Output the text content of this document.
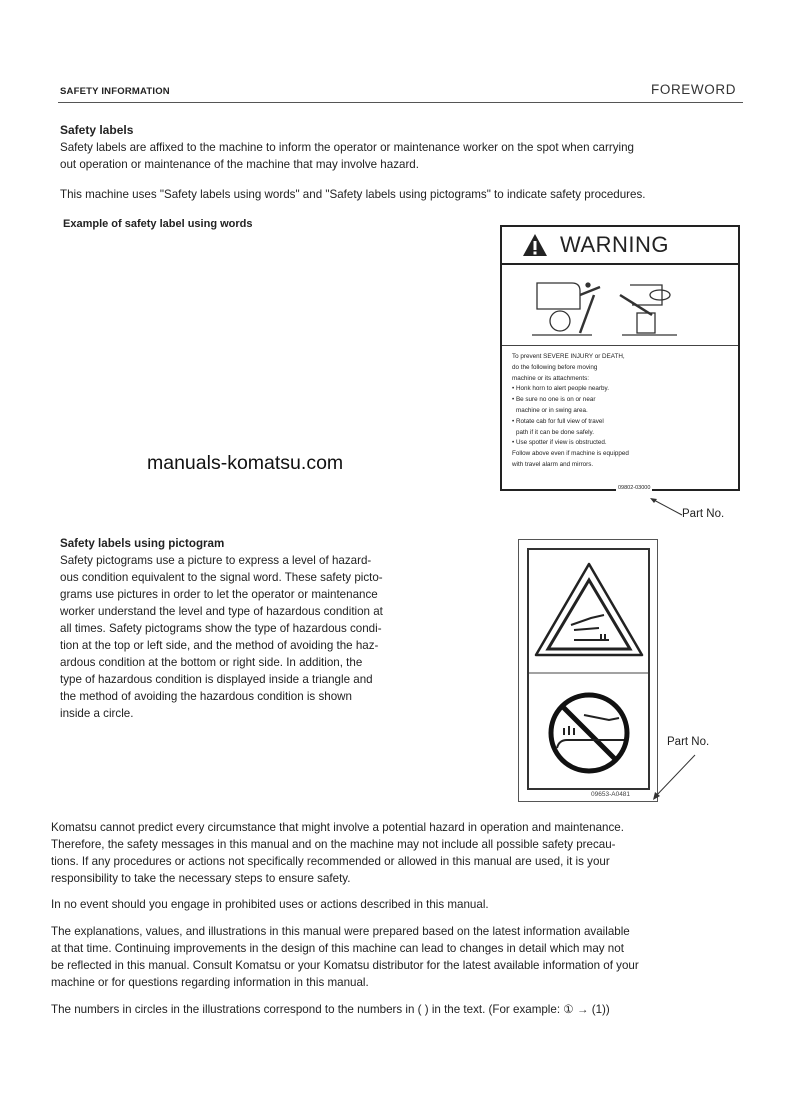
SAFETY INFORMATION	FOREWORD
Safety labels
Safety labels are affixed to the machine to inform the operator or maintenance worker on the spot when carrying
out operation or maintenance of the machine that may involve hazard.
This machine uses "Safety labels using words" and "Safety labels using pictograms" to indicate safety procedures.
Example of safety label using words
WARNING
To prevent SEVERE INJURY or DEATH,
do the following before moving
machine or its attachments:
• Honk horn to alert people nearby.
• Be sure no one is on or near
machine or in swing area.
• Rotate cab for full view of travel
path if it can be done safely.
• Use spotter if view is obstructed.
Follow above even if machine is equipped
with travel alarm and mirrors.
09802-03000
Part No.
manuals-komatsu.com
Safety labels using pictogram
Safety pictograms use a picture to express a level of hazard-
ous condition equivalent to the signal word. These safety picto-
grams use pictures in order to let the operator or maintenance
worker understand the level and type of hazardous condition at
all times. Safety pictograms show the type of hazardous condi-
tion at the top or left side, and the method of avoiding the haz-
ardous condition at the bottom or right side. In addition, the
type of hazardous condition is displayed inside a triangle and
the method of avoiding the hazardous condition is shown
inside a circle.
09653-A0481
Part No.
Komatsu cannot predict every circumstance that might involve a potential hazard in operation and maintenance.
Therefore, the safety messages in this manual and on the machine may not include all possible safety precau-
tions. If any procedures or actions not specifically recommended or allowed in this manual are used, it is your
responsibility to take the necessary steps to ensure safety.
In no event should you engage in prohibited uses or actions described in this manual.
The explanations, values, and illustrations in this manual were prepared based on the latest information available
at that time. Continuing improvements in the design of this machine can lead to changes in detail which may not
be reflected in this manual. Consult Komatsu or your Komatsu distributor for the latest available information of your
machine or for questions regarding information in this manual.
The numbers in circles in the illustrations correspond to the numbers in ( ) in the text. (For example: ① → (1))
